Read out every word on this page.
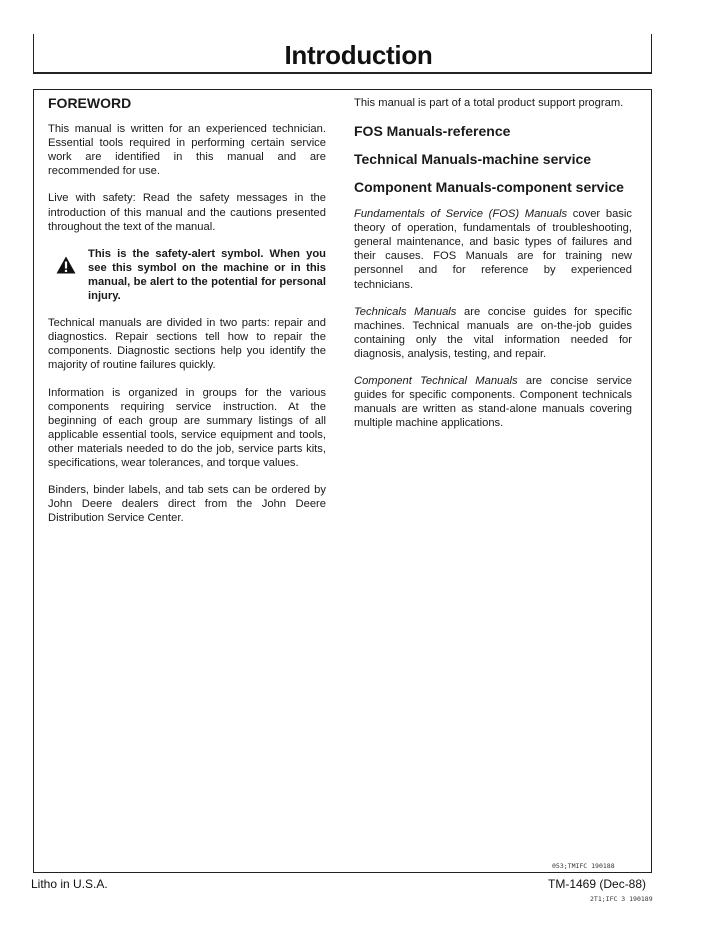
Introduction

FOREWORD

This manual is written for an experienced technician. Essential tools required in performing certain service work are identified in this manual and are recommended for use.

Live with safety: Read the safety messages in the introduction of this manual and the cautions presented throughout the text of the manual.

This is the safety-alert symbol. When you see this symbol on the machine or in this manual, be alert to the potential for personal injury.

Technical manuals are divided in two parts: repair and diagnostics. Repair sections tell how to repair the components. Diagnostic sections help you identify the majority of routine failures quickly.

Information is organized in groups for the various components requiring service instruction. At the beginning of each group are summary listings of all applicable essential tools, service equipment and tools, other materials needed to do the job, service parts kits, specifications, wear tolerances, and torque values.

Binders, binder labels, and tab sets can be ordered by John Deere dealers direct from the John Deere Distribution Service Center.

This manual is part of a total product support program.

FOS Manuals-reference

Technical Manuals-machine service

Component Manuals-component service

Fundamentals of Service (FOS) Manuals cover basic theory of operation, fundamentals of troubleshooting, general maintenance, and basic types of failures and their causes. FOS Manuals are for training new personnel and for reference by experienced technicians.

Technicals Manuals are concise guides for specific machines. Technical manuals are on-the-job guides containing only the vital information needed for diagnosis, analysis, testing, and repair.

Component Technical Manuals are concise service guides for specific components. Component technicals manuals are written as stand-alone manuals covering multiple machine applications.

053;TMIFC 190188
2T1;IFC 3 190189
Litho in U.S.A.	TM-1469 (Dec-88)
